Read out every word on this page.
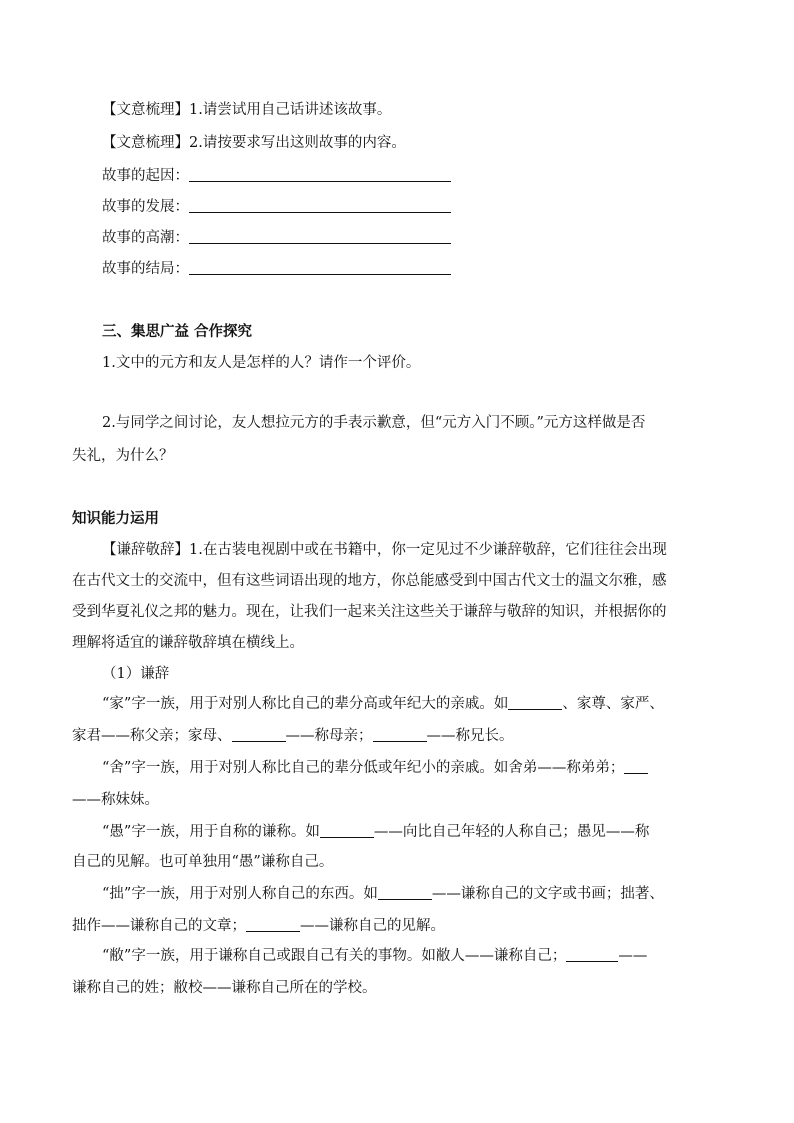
【文意梳理】1.请尝试用自己话讲述该故事。
【文意梳理】2.请按要求写出这则故事的内容。
故事的起因：
故事的发展：
故事的高潮：
故事的结局：
三、集思广益 合作探究
1.文中的元方和友人是怎样的人？请作一个评价。
2.与同学之间讨论，友人想拉元方的手表示歉意，但“元方入门不顾。”元方这样做是否
失礼，为什么？
知识能力运用
【谦辞敬辞】1.在古装电视剧中或在书籍中，你一定见过不少谦辞敬辞，它们往往会出现
在古代文士的交流中，但有这些词语出现的地方，你总能感受到中国古代文士的温文尔雅，感
受到华夏礼仪之邦的魅力。现在，让我们一起来关注这些关于谦辞与敬辞的知识，并根据你的
理解将适宜的谦辞敬辞填在横线上。
（1）谦辞
“家”字一族，用于对别人称比自己的辈分高或年纪大的亲戚。如	、家尊、家严、
家君——称父亲；家母、	——称母亲；	——称兄长。
“舍”字一族，用于对别人称比自己的辈分低或年纪小的亲戚。如舍弟——称弟弟；
——称妹妹。
“愚”字一族，用于自称的谦称。如	——向比自己年轻的人称自己；愚见——称
自己的见解。也可单独用“愚”谦称自己。
“拙”字一族，用于对别人称自己的东西。如	——谦称自己的文字或书画；拙著、
拙作——谦称自己的文章；	——谦称自己的见解。
“敝”字一族，用于谦称自己或跟自己有关的事物。如敝人——谦称自己；	——
谦称自己的姓；敝校——谦称自己所在的学校。
